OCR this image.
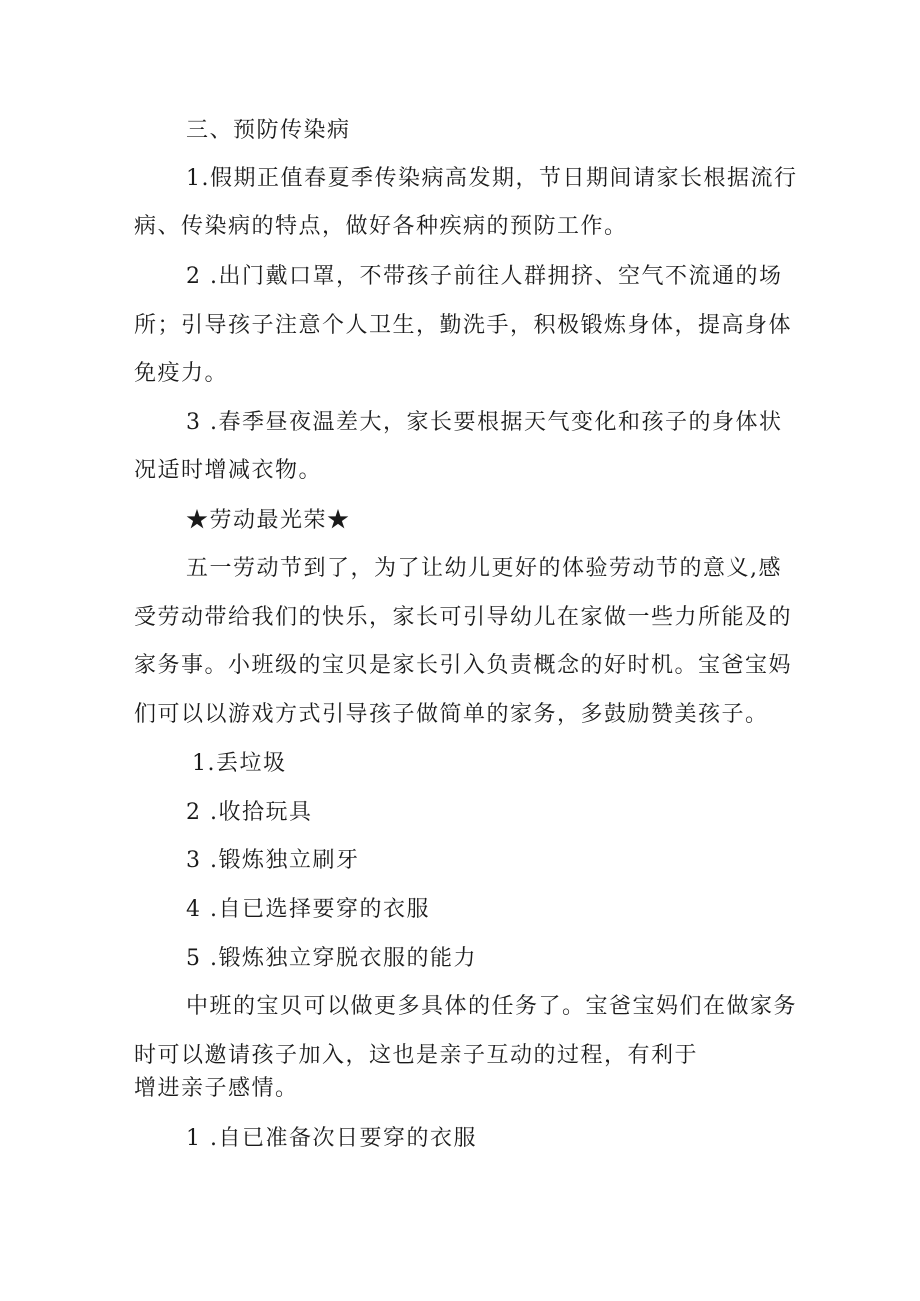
三、预防传染病

1.假期正值春夏季传染病高发期，节日期间请家长根据流行

病、传染病的特点，做好各种疾病的预防工作。

2 .出门戴口罩，不带孩子前往人群拥挤、空气不流通的场

所；引导孩子注意个人卫生，勤洗手，积极锻炼身体，提高身体

免疫力。

3 .春季昼夜温差大，家长要根据天气变化和孩子的身体状

况适时增减衣物。

★劳动最光荣★

五一劳动节到了，为了让幼儿更好的体验劳动节的意义,感

受劳动带给我们的快乐，家长可引导幼儿在家做一些力所能及的

家务事。小班级的宝贝是家长引入负责概念的好时机。宝爸宝妈

们可以以游戏方式引导孩子做简单的家务，多鼓励赞美孩子。

1.丢垃圾

2 .收拾玩具

3 .锻炼独立刷牙

4 .自已选择要穿的衣服

5 .锻炼独立穿脱衣服的能力

中班的宝贝可以做更多具体的任务了。宝爸宝妈们在做家务

时可以邀请孩子加入，这也是亲子互动的过程，有利于

增进亲子感情。

1 .自已准备次日要穿的衣服
